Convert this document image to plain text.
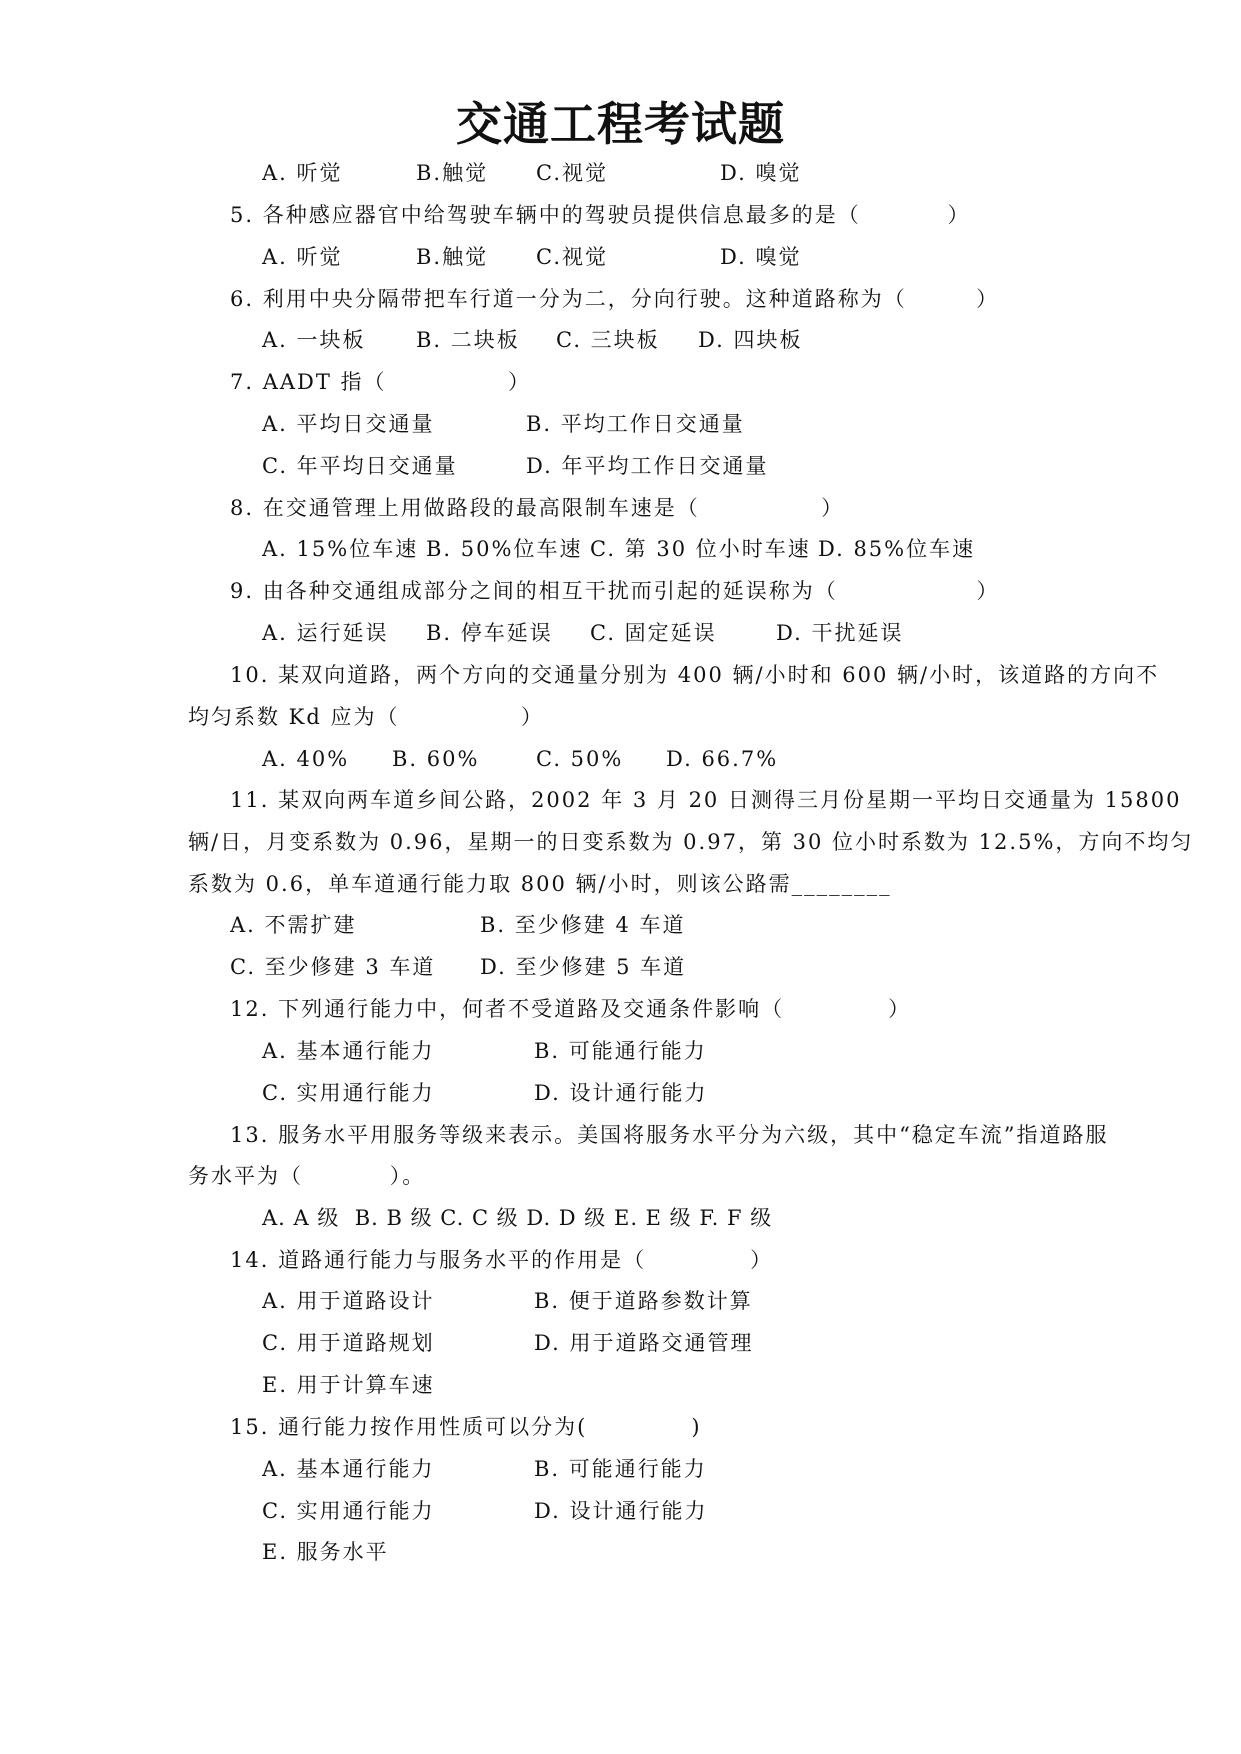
交通工程考试题
A. 听觉	B.触觉 C.视觉	D. 嗅觉
5. 各种感应器官中给驾驶车辆中的驾驶员提供信息最多的是（          ）
A. 听觉	B.触觉 C.视觉	D. 嗅觉
6. 利用中央分隔带把车行道一分为二，分向行驶。这种道路称为（        ）
A. 一块板 B. 二块板 C. 三块板 D. 四块板
7. AADT 指（              ）
A. 平均日交通量	B. 平均工作日交通量
C. 年平均日交通量	D. 年平均工作日交通量
8. 在交通管理上用做路段的最高限制车速是（              ）
A. 15%位车速 B. 50%位车速 C. 第 30 位小时车速 D. 85%位车速
9. 由各种交通组成部分之间的相互干扰而引起的延误称为（                ）
A. 运行延误 B. 停车延误 C. 固定延误	D. 干扰延误
10. 某双向道路，两个方向的交通量分别为 400 辆/小时和 600 辆/小时，该道路的方向不
均匀系数 Kd 应为（              ）
A. 40% B. 60%	C. 50% D. 66.7%
11. 某双向两车道乡间公路，2002 年 3 月 20 日测得三月份星期一平均日交通量为 15800
辆/日，月变系数为 0.96，星期一的日变系数为 0.97，第 30 位小时系数为 12.5%，方向不均匀
系数为 0.6，单车道通行能力取 800 辆/小时，则该公路需________
A. 不需扩建	B. 至少修建 4 车道
C. 至少修建 3 车道 D. 至少修建 5 车道
12. 下列通行能力中，何者不受道路及交通条件影响（            ）
A. 基本通行能力	B. 可能通行能力
C. 实用通行能力	D. 设计通行能力
13. 服务水平用服务等级来表示。美国将服务水平分为六级，其中“稳定车流”指道路服
务水平为（          ）。
A. A 级  B. B 级 C. C 级 D. D 级 E. E 级 F. F 级
14. 道路通行能力与服务水平的作用是（            ）
A. 用于道路设计	B. 便于道路参数计算
C. 用于道路规划	D. 用于道路交通管理
E. 用于计算车速
15. 通行能力按作用性质可以分为(            )
A. 基本通行能力	B. 可能通行能力
C. 实用通行能力	D. 设计通行能力
E. 服务水平
